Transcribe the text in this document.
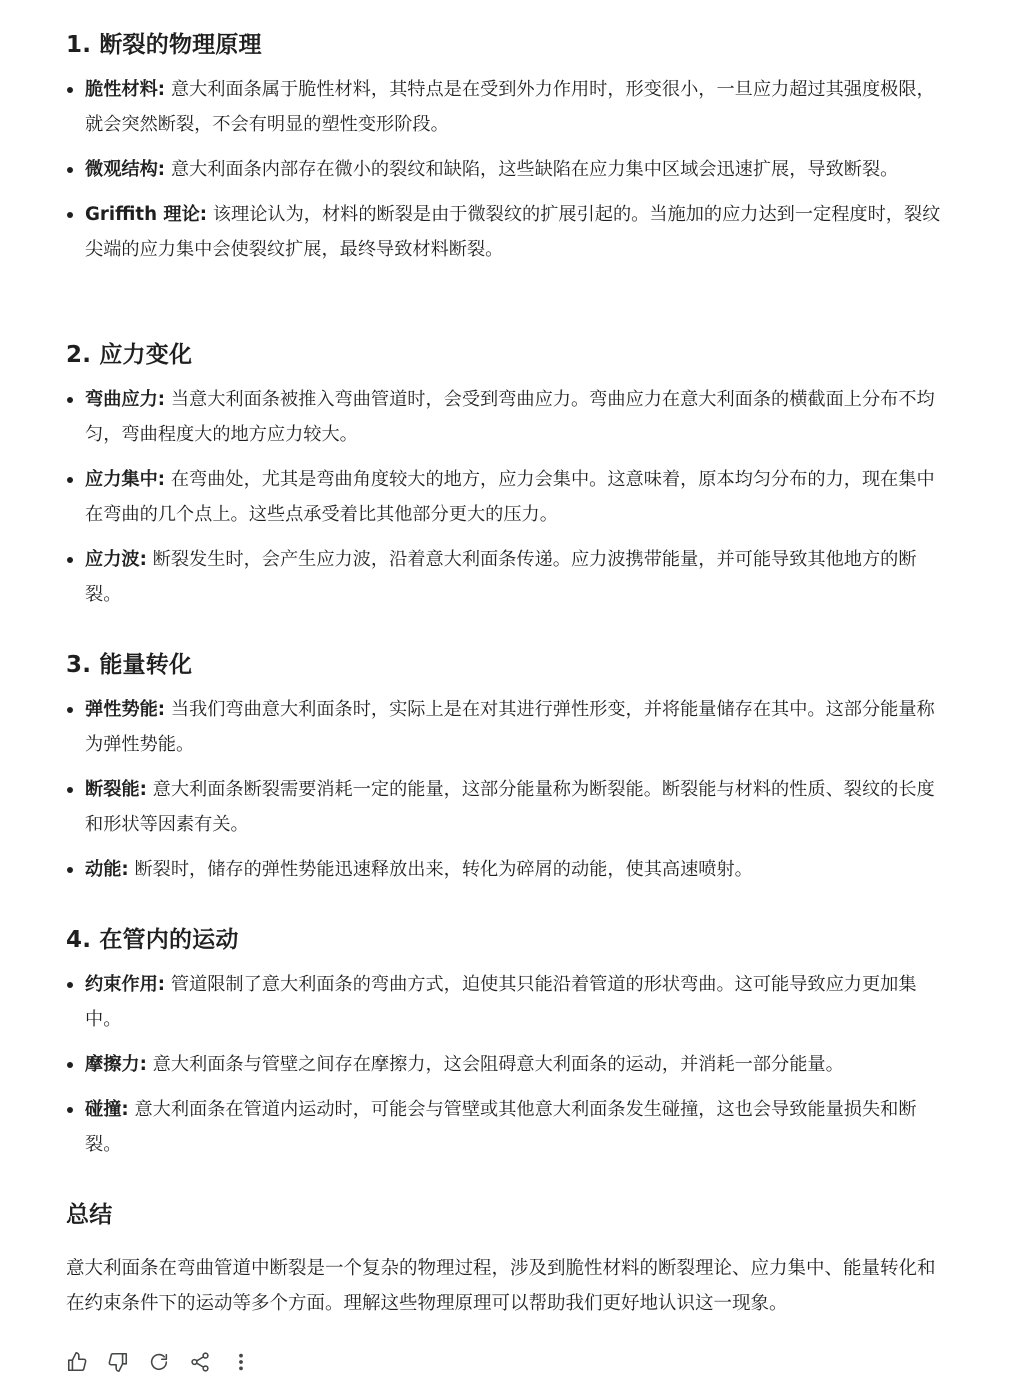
1. 断裂的物理原理
脆性材料: 意大利面条属于脆性材料，其特点是在受到外力作用时，形变很小，一旦应力超过其强度极限，就会突然断裂，不会有明显的塑性变形阶段。
微观结构: 意大利面条内部存在微小的裂纹和缺陷，这些缺陷在应力集中区域会迅速扩展，导致断裂。
Griffith 理论: 该理论认为，材料的断裂是由于微裂纹的扩展引起的。当施加的应力达到一定程度时，裂纹尖端的应力集中会使裂纹扩展，最终导致材料断裂。
2. 应力变化
弯曲应力: 当意大利面条被推入弯曲管道时，会受到弯曲应力。弯曲应力在意大利面条的横截面上分布不均匀，弯曲程度大的地方应力较大。
应力集中: 在弯曲处，尤其是弯曲角度较大的地方，应力会集中。这意味着，原本均匀分布的力，现在集中在弯曲的几个点上。这些点承受着比其他部分更大的压力。
应力波: 断裂发生时，会产生应力波，沿着意大利面条传递。应力波携带能量，并可能导致其他地方的断裂。
3. 能量转化
弹性势能: 当我们弯曲意大利面条时，实际上是在对其进行弹性形变，并将能量储存在其中。这部分能量称为弹性势能。
断裂能: 意大利面条断裂需要消耗一定的能量，这部分能量称为断裂能。断裂能与材料的性质、裂纹的长度和形状等因素有关。
动能: 断裂时，储存的弹性势能迅速释放出来，转化为碎屑的动能，使其高速喷射。
4. 在管内的运动
约束作用: 管道限制了意大利面条的弯曲方式，迫使其只能沿着管道的形状弯曲。这可能导致应力更加集中。
摩擦力: 意大利面条与管壁之间存在摩擦力，这会阻碍意大利面条的运动，并消耗一部分能量。
碰撞: 意大利面条在管道内运动时，可能会与管壁或其他意大利面条发生碰撞，这也会导致能量损失和断裂。
总结

意大利面条在弯曲管道中断裂是一个复杂的物理过程，涉及到脆性材料的断裂理论、应力集中、能量转化和在约束条件下的运动等多个方面。理解这些物理原理可以帮助我们更好地认识这一现象。
